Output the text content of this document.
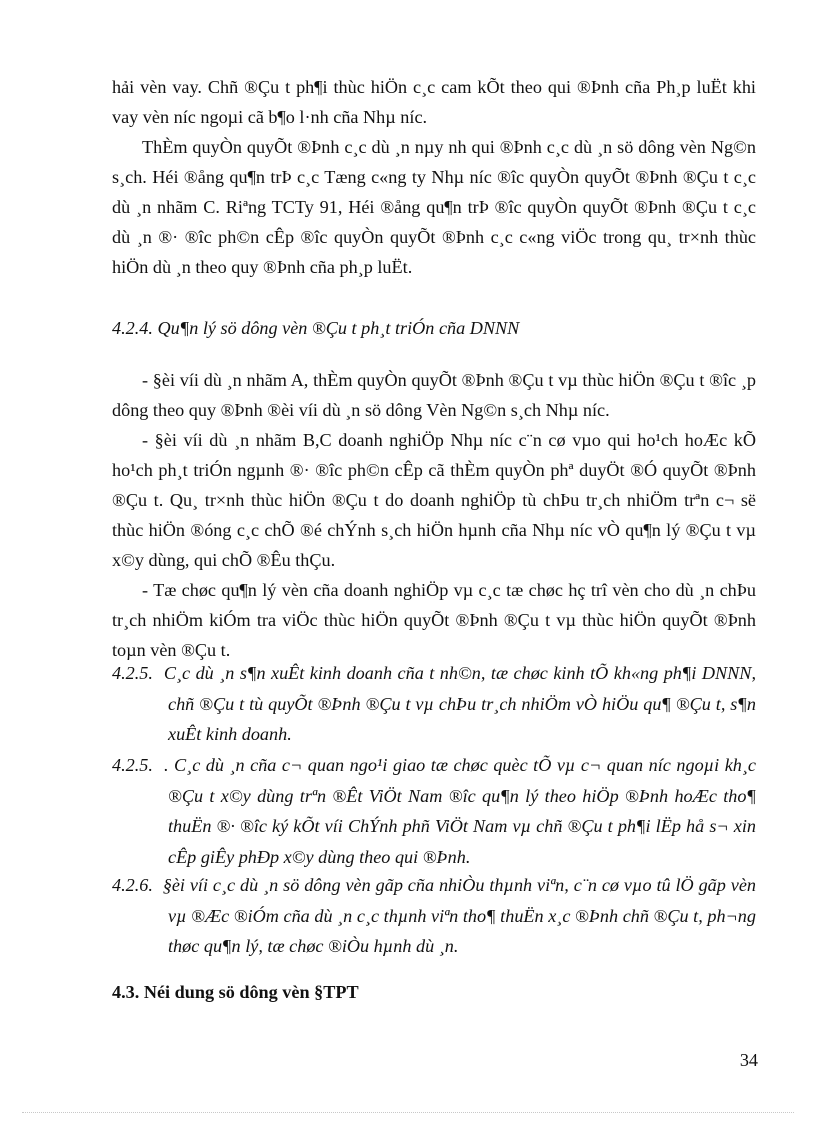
hải vèn vay. Chñ ®Çu t ph¶i thùc hiÖn c¸c cam kÕt theo qui ®Þnh cña Ph¸p luËt khi vay vèn níc ngoµi cã b¶o l·nh cña Nhµ níc.

ThÈm quyÒn quyÕt ®Þnh c¸c dù ¸n nµy nh qui ®Þnh c¸c dù ¸n sö dông vèn Ng©n s¸ch. Héi ®ång qu¶n trÞ c¸c Tæng c«ng ty Nhµ níc ®îc quyÒn quyÕt ®Þnh ®Çu t c¸c dù ¸n nhãm C. Riªng TCTy 91, Héi ®ång qu¶n trÞ ®îc quyÒn quyÕt ®Þnh ®Çu t c¸c dù ¸n ®· ®îc ph©n cÊp ®îc quyÒn quyÕt ®Þnh c¸c c«ng viÖc trong qu¸ tr×nh thùc hiÖn dù ¸n theo quy ®Þnh cña ph¸p luËt.

4.2.4. Qu¶n lý sö dông vèn ®Çu t ph¸t triÓn cña DNNN

- §èi víi dù ¸n nhãm A, thÈm quyÒn quyÕt ®Þnh ®Çu t vµ thùc hiÖn ®Çu t ®îc ¸p dông theo quy ®Þnh ®èi víi dù ¸n sö dông Vèn Ng©n s¸ch Nhµ níc.

- §èi víi dù ¸n nhãm B,C doanh nghiÖp Nhµ níc c¨n cø vµo qui ho¹ch hoÆc kÕ ho¹ch ph¸t triÓn ngµnh ®· ®îc ph©n cÊp cã thÈm quyÒn phª duyÖt ®Ó quyÕt ®Þnh ®Çu t. Qu¸ tr×nh thùc hiÖn ®Çu t do doanh nghiÖp tù chÞu tr¸ch nhiÖm trªn c¬ së thùc hiÖn ®óng c¸c chÕ ®é chÝnh s¸ch hiÖn hµnh cña Nhµ níc vÒ qu¶n lý ®Çu t vµ x©y dùng, qui chÕ ®Êu thÇu.

- Tæ chøc qu¶n lý vèn cña doanh nghiÖp vµ c¸c tæ chøc hç trî vèn cho dù ¸n chÞu tr¸ch nhiÖm kiÓm tra viÖc thùc hiÖn quyÕt ®Þnh ®Çu t vµ thùc hiÖn quyÕt ®Þnh toµn vèn ®Çu t.

4.2.5. C¸c dù ¸n s¶n xuÊt kinh doanh cña t nh©n, tæ chøc kinh tÕ kh«ng ph¶i DNNN, chñ ®Çu t tù quyÕt ®Þnh ®Çu t vµ chÞu tr¸ch nhiÖm vÒ hiÖu qu¶ ®Çu t, s¶n xuÊt kinh doanh.
4.2.5. . C¸c dù ¸n cña c¬ quan ngo¹i giao tæ chøc quèc tÕ vµ c¬ quan níc ngoµi kh¸c ®Çu t x©y dùng trªn ®Êt ViÖt Nam ®îc qu¶n lý theo hiÖp ®Þnh hoÆc tho¶ thuËn ®· ®îc ký kÕt víi ChÝnh phñ ViÖt Nam vµ chñ ®Çu t ph¶i lËp hå s¬ xin cÊp giÊy phÐp x©y dùng theo qui ®Þnh.
4.2.6. §èi víi c¸c dù ¸n sö dông vèn gãp cña nhiÒu thµnh viªn, c¨n cø vµo tû lÖ gãp vèn vµ ®Æc ®iÓm cña dù ¸n c¸c thµnh viªn tho¶ thuËn x¸c ®Þnh chñ ®Çu t, ph¬ng thøc qu¶n lý, tæ chøc ®iÒu hµnh dù ¸n.
4.3. Néi dung sö dông vèn §TPT
34
